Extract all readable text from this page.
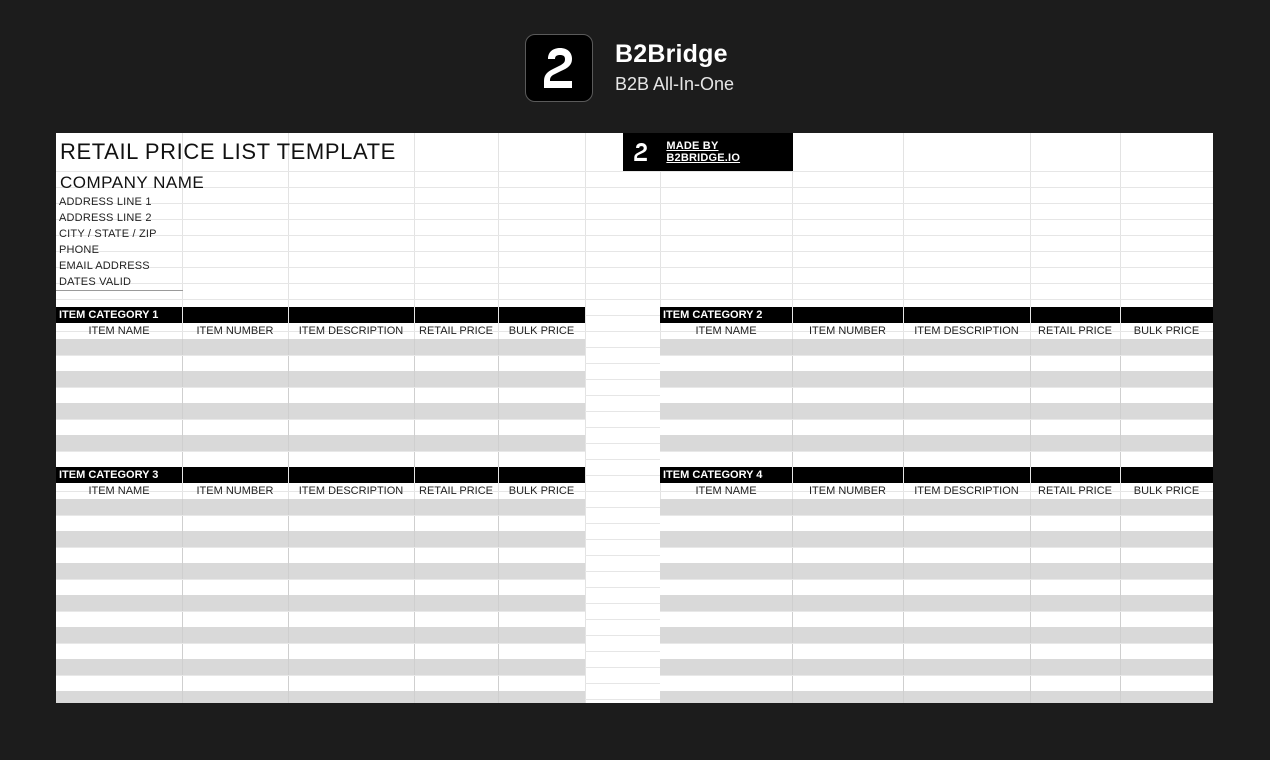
B2Bridge
B2B All-In-One
RETAIL PRICE LIST TEMPLATE
COMPANY NAME
ADDRESS LINE 1
ADDRESS LINE 2
CITY / STATE / ZIP
PHONE
EMAIL ADDRESS
DATES VALID
MADE BY B2BRIDGE.IO
ITEM CATEGORY 1
ITEM NAME	ITEM NUMBER	ITEM DESCRIPTION	RETAIL PRICE	BULK PRICE
ITEM CATEGORY 2
ITEM NAME	ITEM NUMBER	ITEM DESCRIPTION	RETAIL PRICE	BULK PRICE
ITEM CATEGORY 3
ITEM NAME	ITEM NUMBER	ITEM DESCRIPTION	RETAIL PRICE	BULK PRICE
ITEM CATEGORY 4
ITEM NAME	ITEM NUMBER	ITEM DESCRIPTION	RETAIL PRICE	BULK PRICE
